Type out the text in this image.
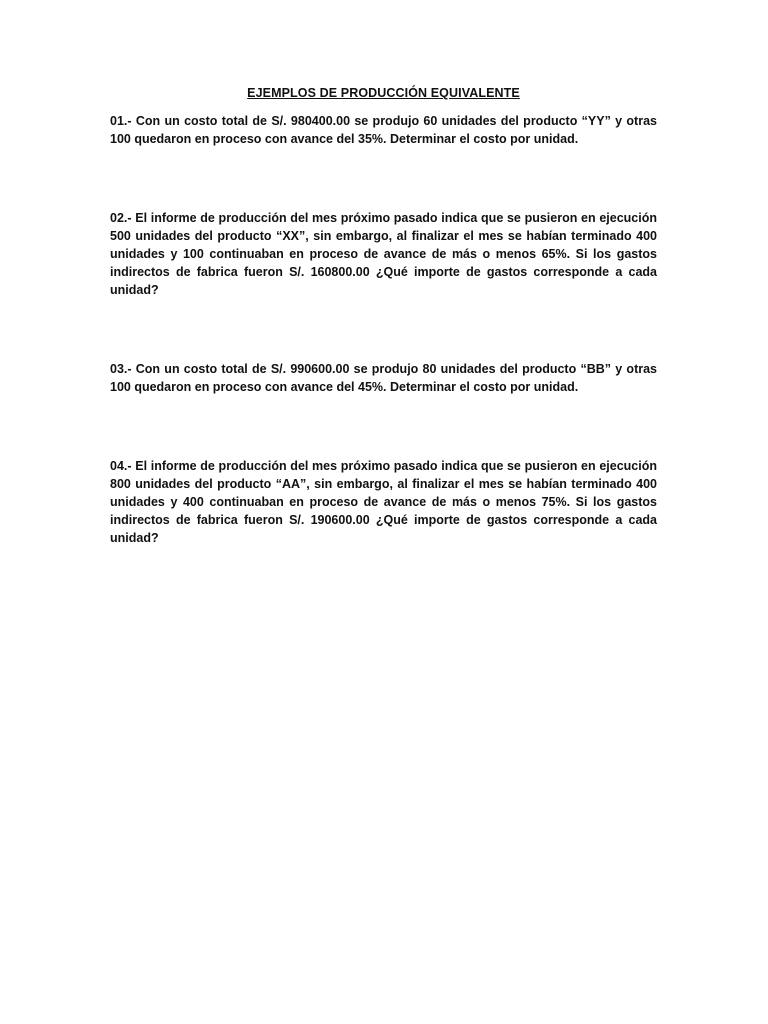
EJEMPLOS DE PRODUCCIÓN EQUIVALENTE

01.- Con un costo total de S/. 980400.00 se produjo 60 unidades del producto “YY” y otras 100 quedaron en proceso con avance del 35%. Determinar el costo por unidad.

02.- El informe de producción del mes próximo pasado indica que se pusieron en ejecución 500 unidades del producto “XX”, sin embargo, al finalizar el mes se habían terminado 400 unidades y 100 continuaban en proceso de avance de más o menos 65%. Si los gastos indirectos de fabrica fueron S/. 160800.00 ¿Qué importe de gastos corresponde a cada unidad?

03.- Con un costo total de S/. 990600.00 se produjo 80 unidades del producto “BB” y otras 100 quedaron en proceso con avance del 45%. Determinar el costo por unidad.

04.- El informe de producción del mes próximo pasado indica que se pusieron en ejecución 800 unidades del producto “AA”, sin embargo, al finalizar el mes se habían terminado 400 unidades y 400 continuaban en proceso de avance de más o menos 75%. Si los gastos indirectos de fabrica fueron S/. 190600.00 ¿Qué importe de gastos corresponde a cada unidad?
